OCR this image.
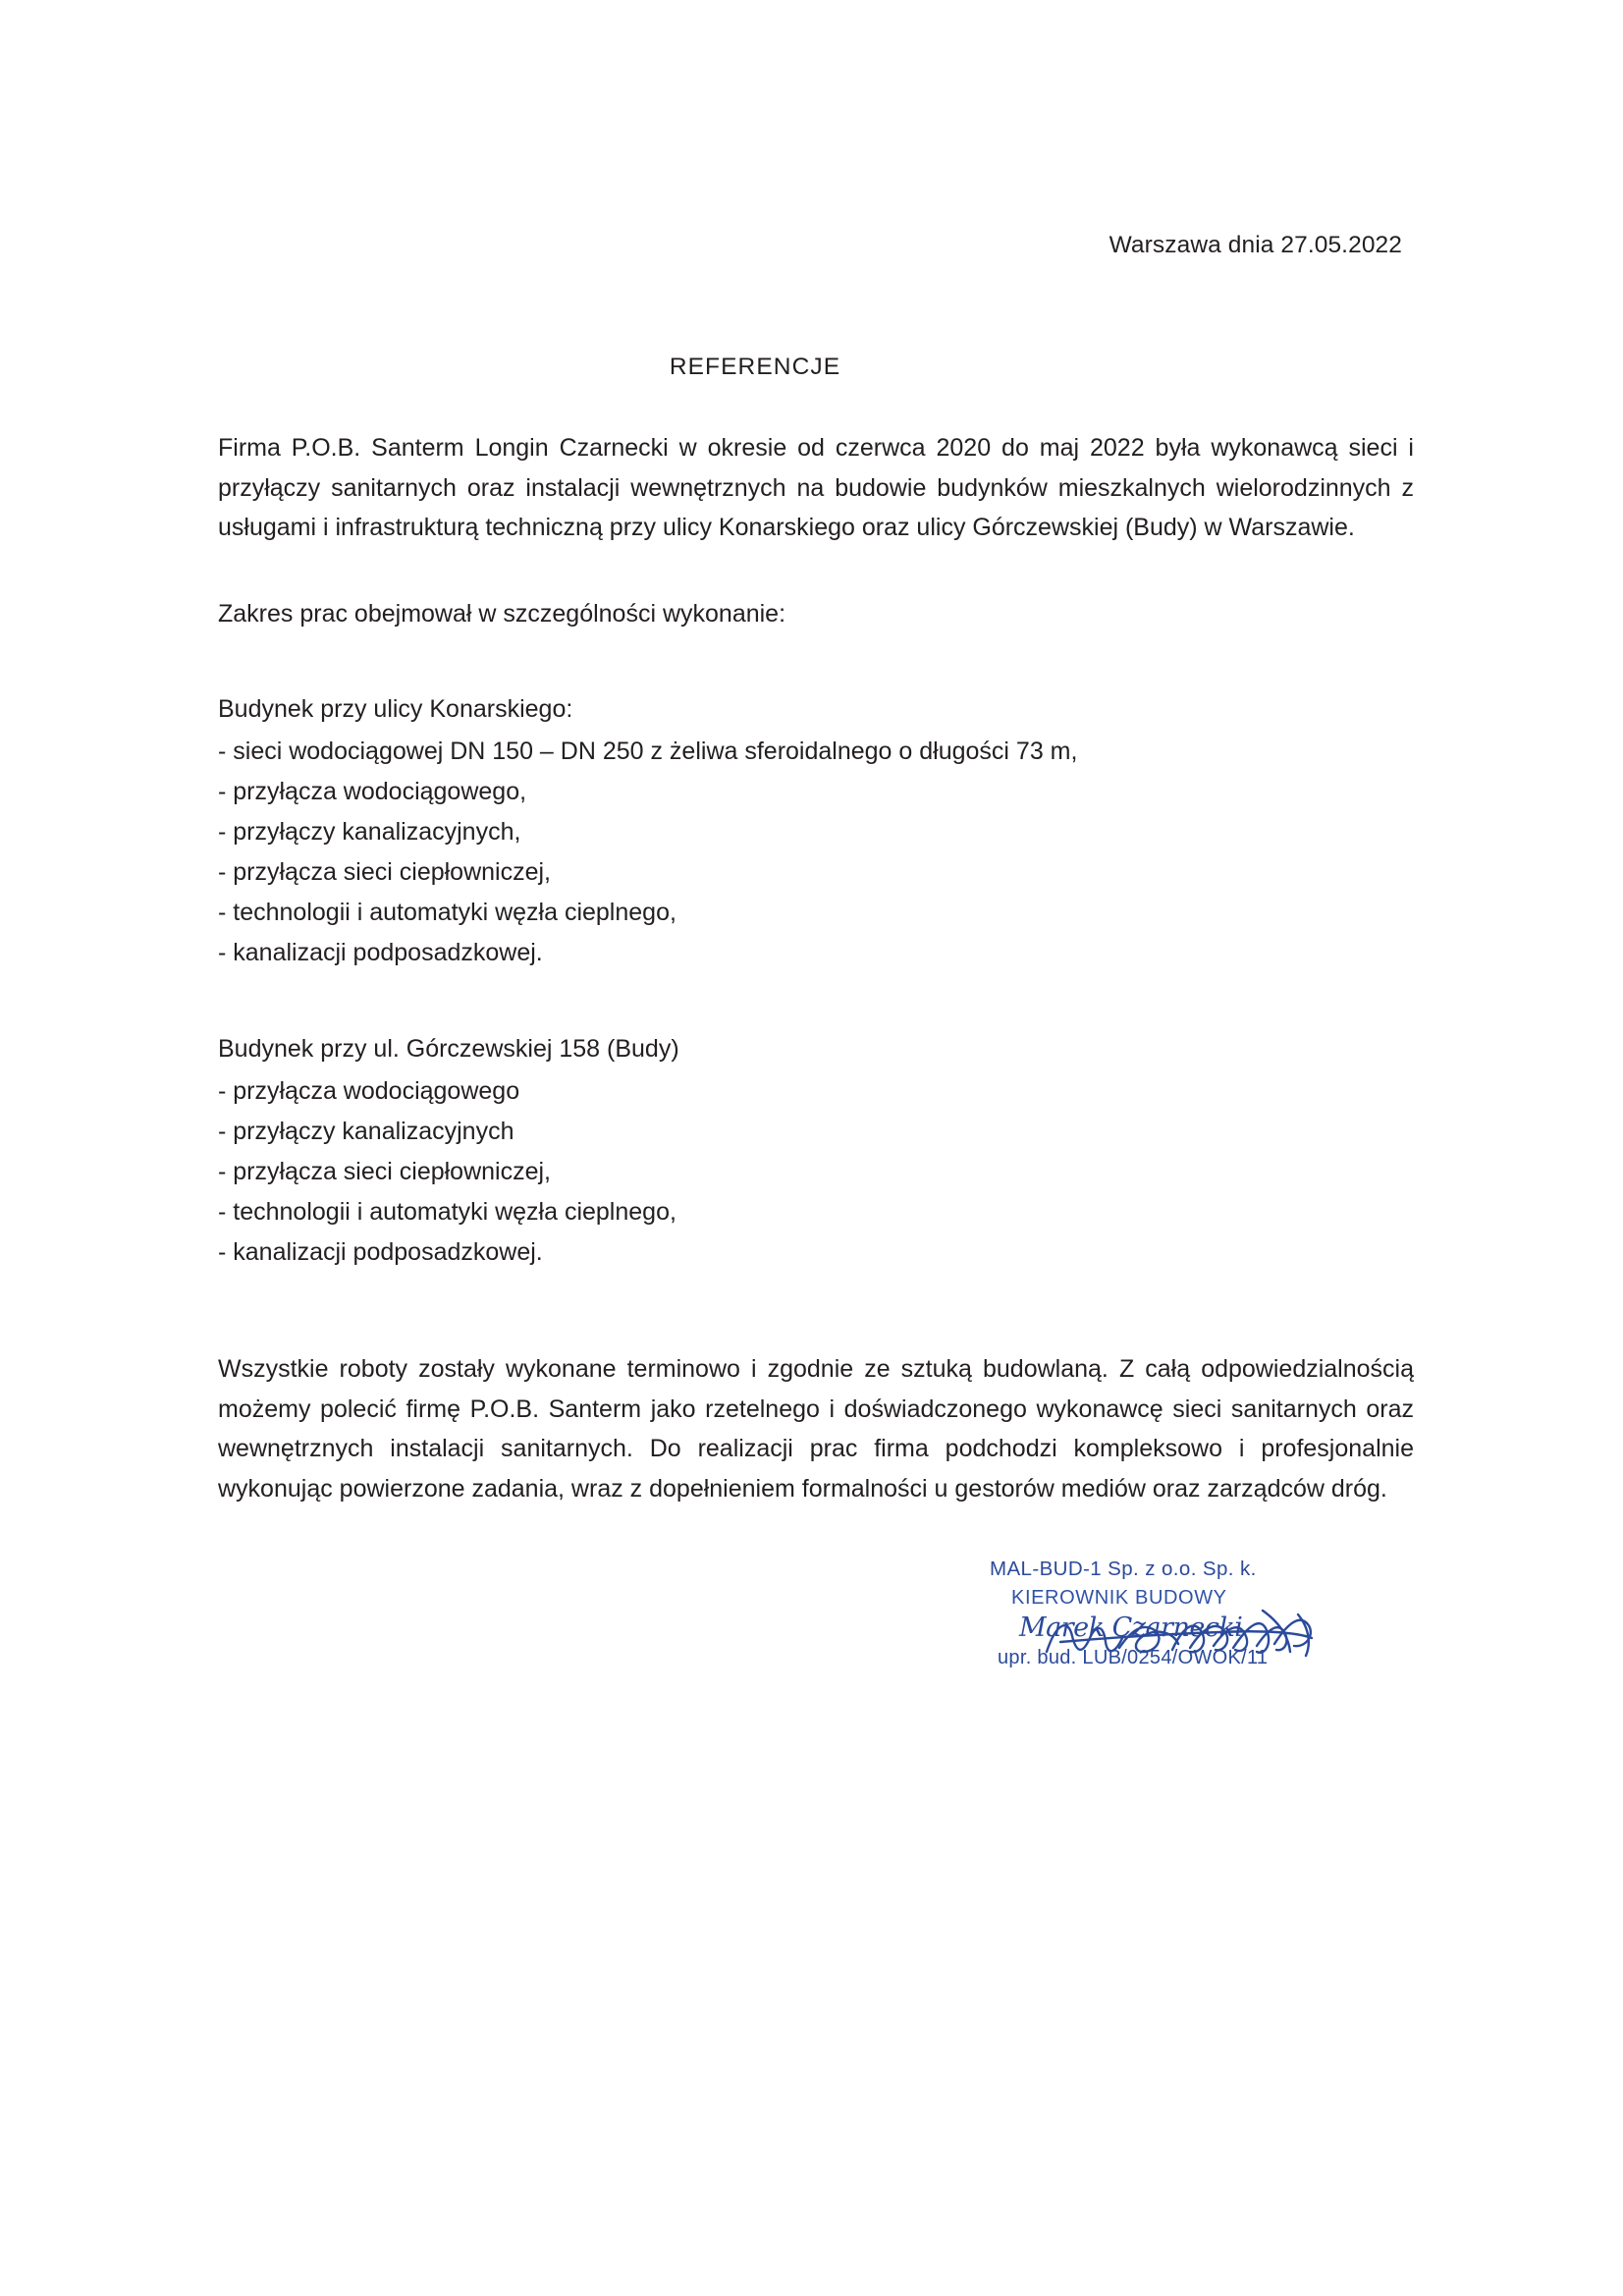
Warszawa dnia 27.05.2022
REFERENCJE

Firma P.O.B. Santerm Longin Czarnecki w okresie od czerwca 2020 do maj 2022 była wykonawcą sieci i przyłączy sanitarnych oraz instalacji wewnętrznych na budowie budynków mieszkalnych wielorodzinnych z usługami i infrastrukturą techniczną przy ulicy Konarskiego oraz ulicy Górczewskiej (Budy) w Warszawie.

Zakres prac obejmował w szczególności wykonanie:

Budynek przy ulicy Konarskiego:
- sieci wodociągowej DN 150 – DN 250 z żeliwa sferoidalnego o długości 73 m,
- przyłącza wodociągowego,
- przyłączy kanalizacyjnych,
- przyłącza sieci ciepłowniczej,
- technologii i automatyki węzła cieplnego,
- kanalizacji podposadzkowej.
Budynek przy ul. Górczewskiej 158 (Budy)
- przyłącza wodociągowego
- przyłączy kanalizacyjnych
- przyłącza sieci ciepłowniczej,
- technologii i automatyki węzła cieplnego,
- kanalizacji podposadzkowej.

Wszystkie roboty zostały wykonane terminowo i zgodnie ze sztuką budowlaną. Z całą odpowiedzialnością możemy polecić firmę P.O.B. Santerm jako rzetelnego i doświadczonego wykonawcę sieci sanitarnych oraz wewnętrznych instalacji sanitarnych. Do realizacji prac firma podchodzi kompleksowo i profesjonalnie wykonując powierzone zadania, wraz z dopełnieniem formalności u gestorów mediów oraz zarządców dróg.

MAL-BUD-1 Sp. z o.o. Sp. k.
KIEROWNIK BUDOWY
Marek Czarnecki
upr. bud. LUB/0254/OWOK/11
